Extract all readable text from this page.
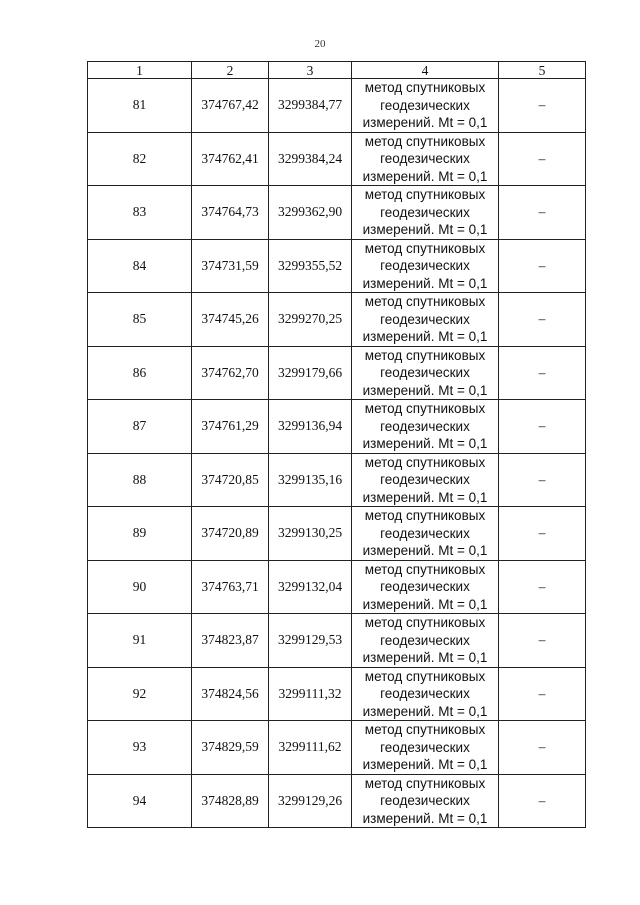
20
1	2	3	4	5
81	374767,42	3299384,77	метод спутниковых
геодезических
измерений. Mt = 0,1	–
82	374762,41	3299384,24	метод спутниковых
геодезических
измерений. Mt = 0,1	–
83	374764,73	3299362,90	метод спутниковых
геодезических
измерений. Mt = 0,1	–
84	374731,59	3299355,52	метод спутниковых
геодезических
измерений. Mt = 0,1	–
85	374745,26	3299270,25	метод спутниковых
геодезических
измерений. Mt = 0,1	–
86	374762,70	3299179,66	метод спутниковых
геодезических
измерений. Mt = 0,1	–
87	374761,29	3299136,94	метод спутниковых
геодезических
измерений. Mt = 0,1	–
88	374720,85	3299135,16	метод спутниковых
геодезических
измерений. Mt = 0,1	–
89	374720,89	3299130,25	метод спутниковых
геодезических
измерений. Mt = 0,1	–
90	374763,71	3299132,04	метод спутниковых
геодезических
измерений. Mt = 0,1	–
91	374823,87	3299129,53	метод спутниковых
геодезических
измерений. Mt = 0,1	–
92	374824,56	3299111,32	метод спутниковых
геодезических
измерений. Mt = 0,1	–
93	374829,59	3299111,62	метод спутниковых
геодезических
измерений. Mt = 0,1	–
94	374828,89	3299129,26	метод спутниковых
геодезических
измерений. Mt = 0,1	–
